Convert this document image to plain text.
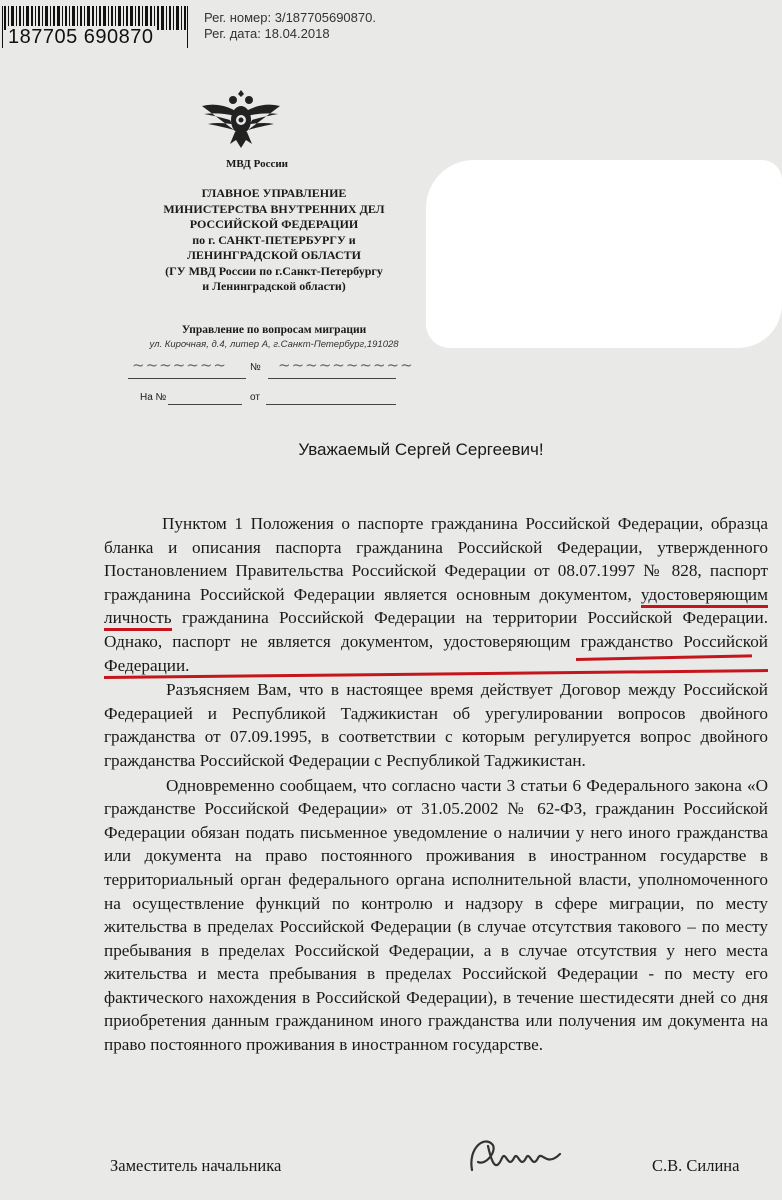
187705 690870
Рег. номер: 3/187705690870.
Рег. дата: 18.04.2018
МВД России
ГЛАВНОЕ УПРАВЛЕНИЕ
МИНИСТЕРСТВА ВНУТРЕННИХ ДЕЛ
РОССИЙСКОЙ ФЕДЕРАЦИИ
по г. САНКТ-ПЕТЕРБУРГУ и
ЛЕНИНГРАДСКОЙ ОБЛАСТИ
(ГУ МВД России по г.Санкт-Петербургу
и Ленинградской области)
Управление по вопросам миграции
ул. Кирочная, д.4, литер А, г.Санкт-Петербург,191028
~~~~~~~ № ~~~~~~~~~~
На №	от
Уважаемый Сергей Сергеевич!

Пунктом 1 Положения о паспорте гражданина Российской Федерации, образца бланка и описания паспорта гражданина Российской Федерации, утвержденного Постановлением Правительства Российской Федерации от 08.07.1997 № 828, паспорт гражданина Российской Федерации является основным документом, удостоверяющим личность гражданина Российской Федерации на территории Российской Федерации. Однако, паспорт не является документом, удостоверяющим гражданство Российской Федерации.

Разъясняем Вам, что в настоящее время действует Договор между Российской Федерацией и Республикой Таджикистан об урегулировании вопросов двойного гражданства от 07.09.1995, в соответствии с которым регулируется вопрос двойного гражданства Российской Федерации с Республикой Таджикистан.

Одновременно сообщаем, что согласно части 3 статьи 6 Федерального закона «О гражданстве Российской Федерации» от 31.05.2002 № 62-ФЗ, гражданин Российской Федерации обязан подать письменное уведомление о наличии у него иного гражданства или документа на право постоянного проживания в иностранном государстве в территориальный орган федерального органа исполнительной власти, уполномоченного на осуществление функций по контролю и надзору в сфере миграции, по месту жительства в пределах Российской Федерации (в случае отсутствия такового – по месту пребывания в пределах Российской Федерации, а в случае отсутствия у него места жительства и места пребывания в пределах Российской Федерации - по месту его фактического нахождения в Российской Федерации), в течение шестидесяти дней со дня приобретения данным гражданином иного гражданства или получения им документа на право постоянного проживания в иностранном государстве.

Заместитель начальника	С.В. Силина
